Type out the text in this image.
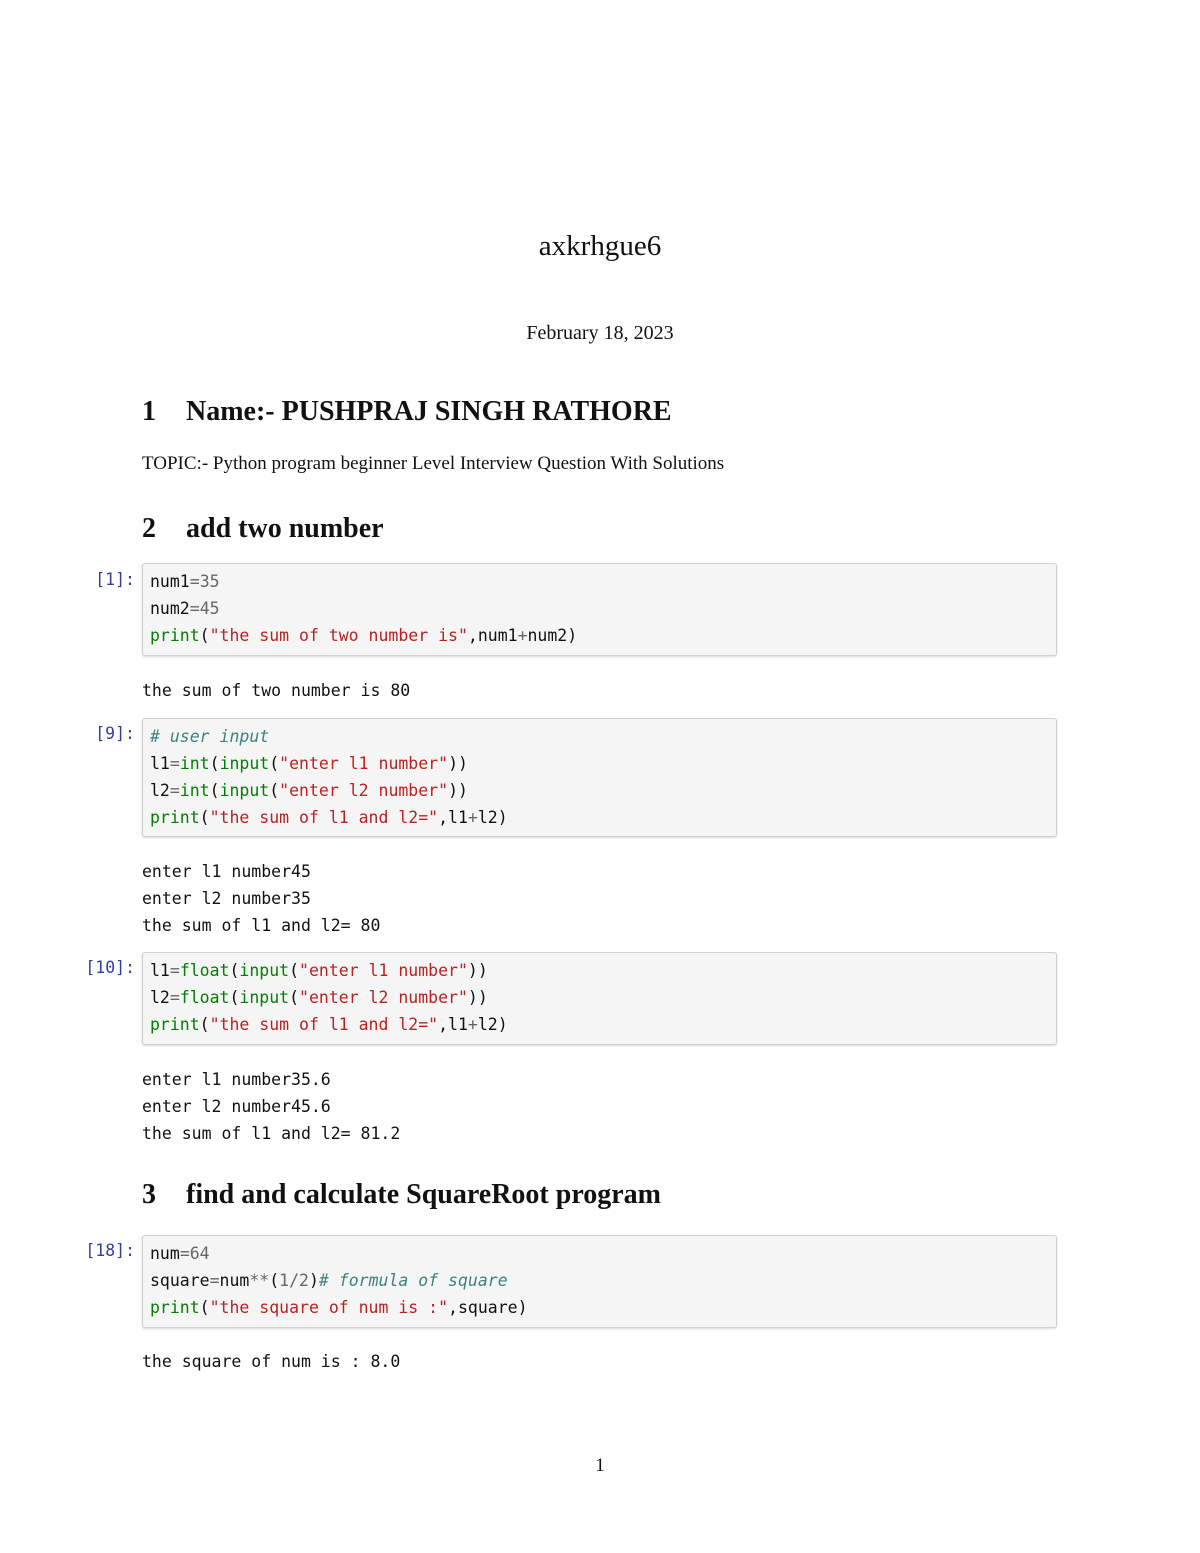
axkrhgue6
February 18, 2023
1 Name:- PUSHPRAJ SINGH RATHORE
TOPIC:- Python program beginner Level Interview Question With Solutions
2 add two number
[1]: num1=35
num2=45
print("the sum of two number is",num1+num2)
the sum of two number is 80
[9]: # user input
l1=int(input("enter l1 number"))
l2=int(input("enter l2 number"))
print("the sum of l1 and l2=",l1+l2)
enter l1 number45
enter l2 number35
the sum of l1 and l2= 80
[10]: l1=float(input("enter l1 number"))
l2=float(input("enter l2 number"))
print("the sum of l1 and l2=",l1+l2)
enter l1 number35.6
enter l2 number45.6
the sum of l1 and l2= 81.2
3 find and calculate SquareRoot program
[18]: num=64
square=num**(1/2)# formula of square
print("the square of num is :",square)
the square of num is : 8.0
1
